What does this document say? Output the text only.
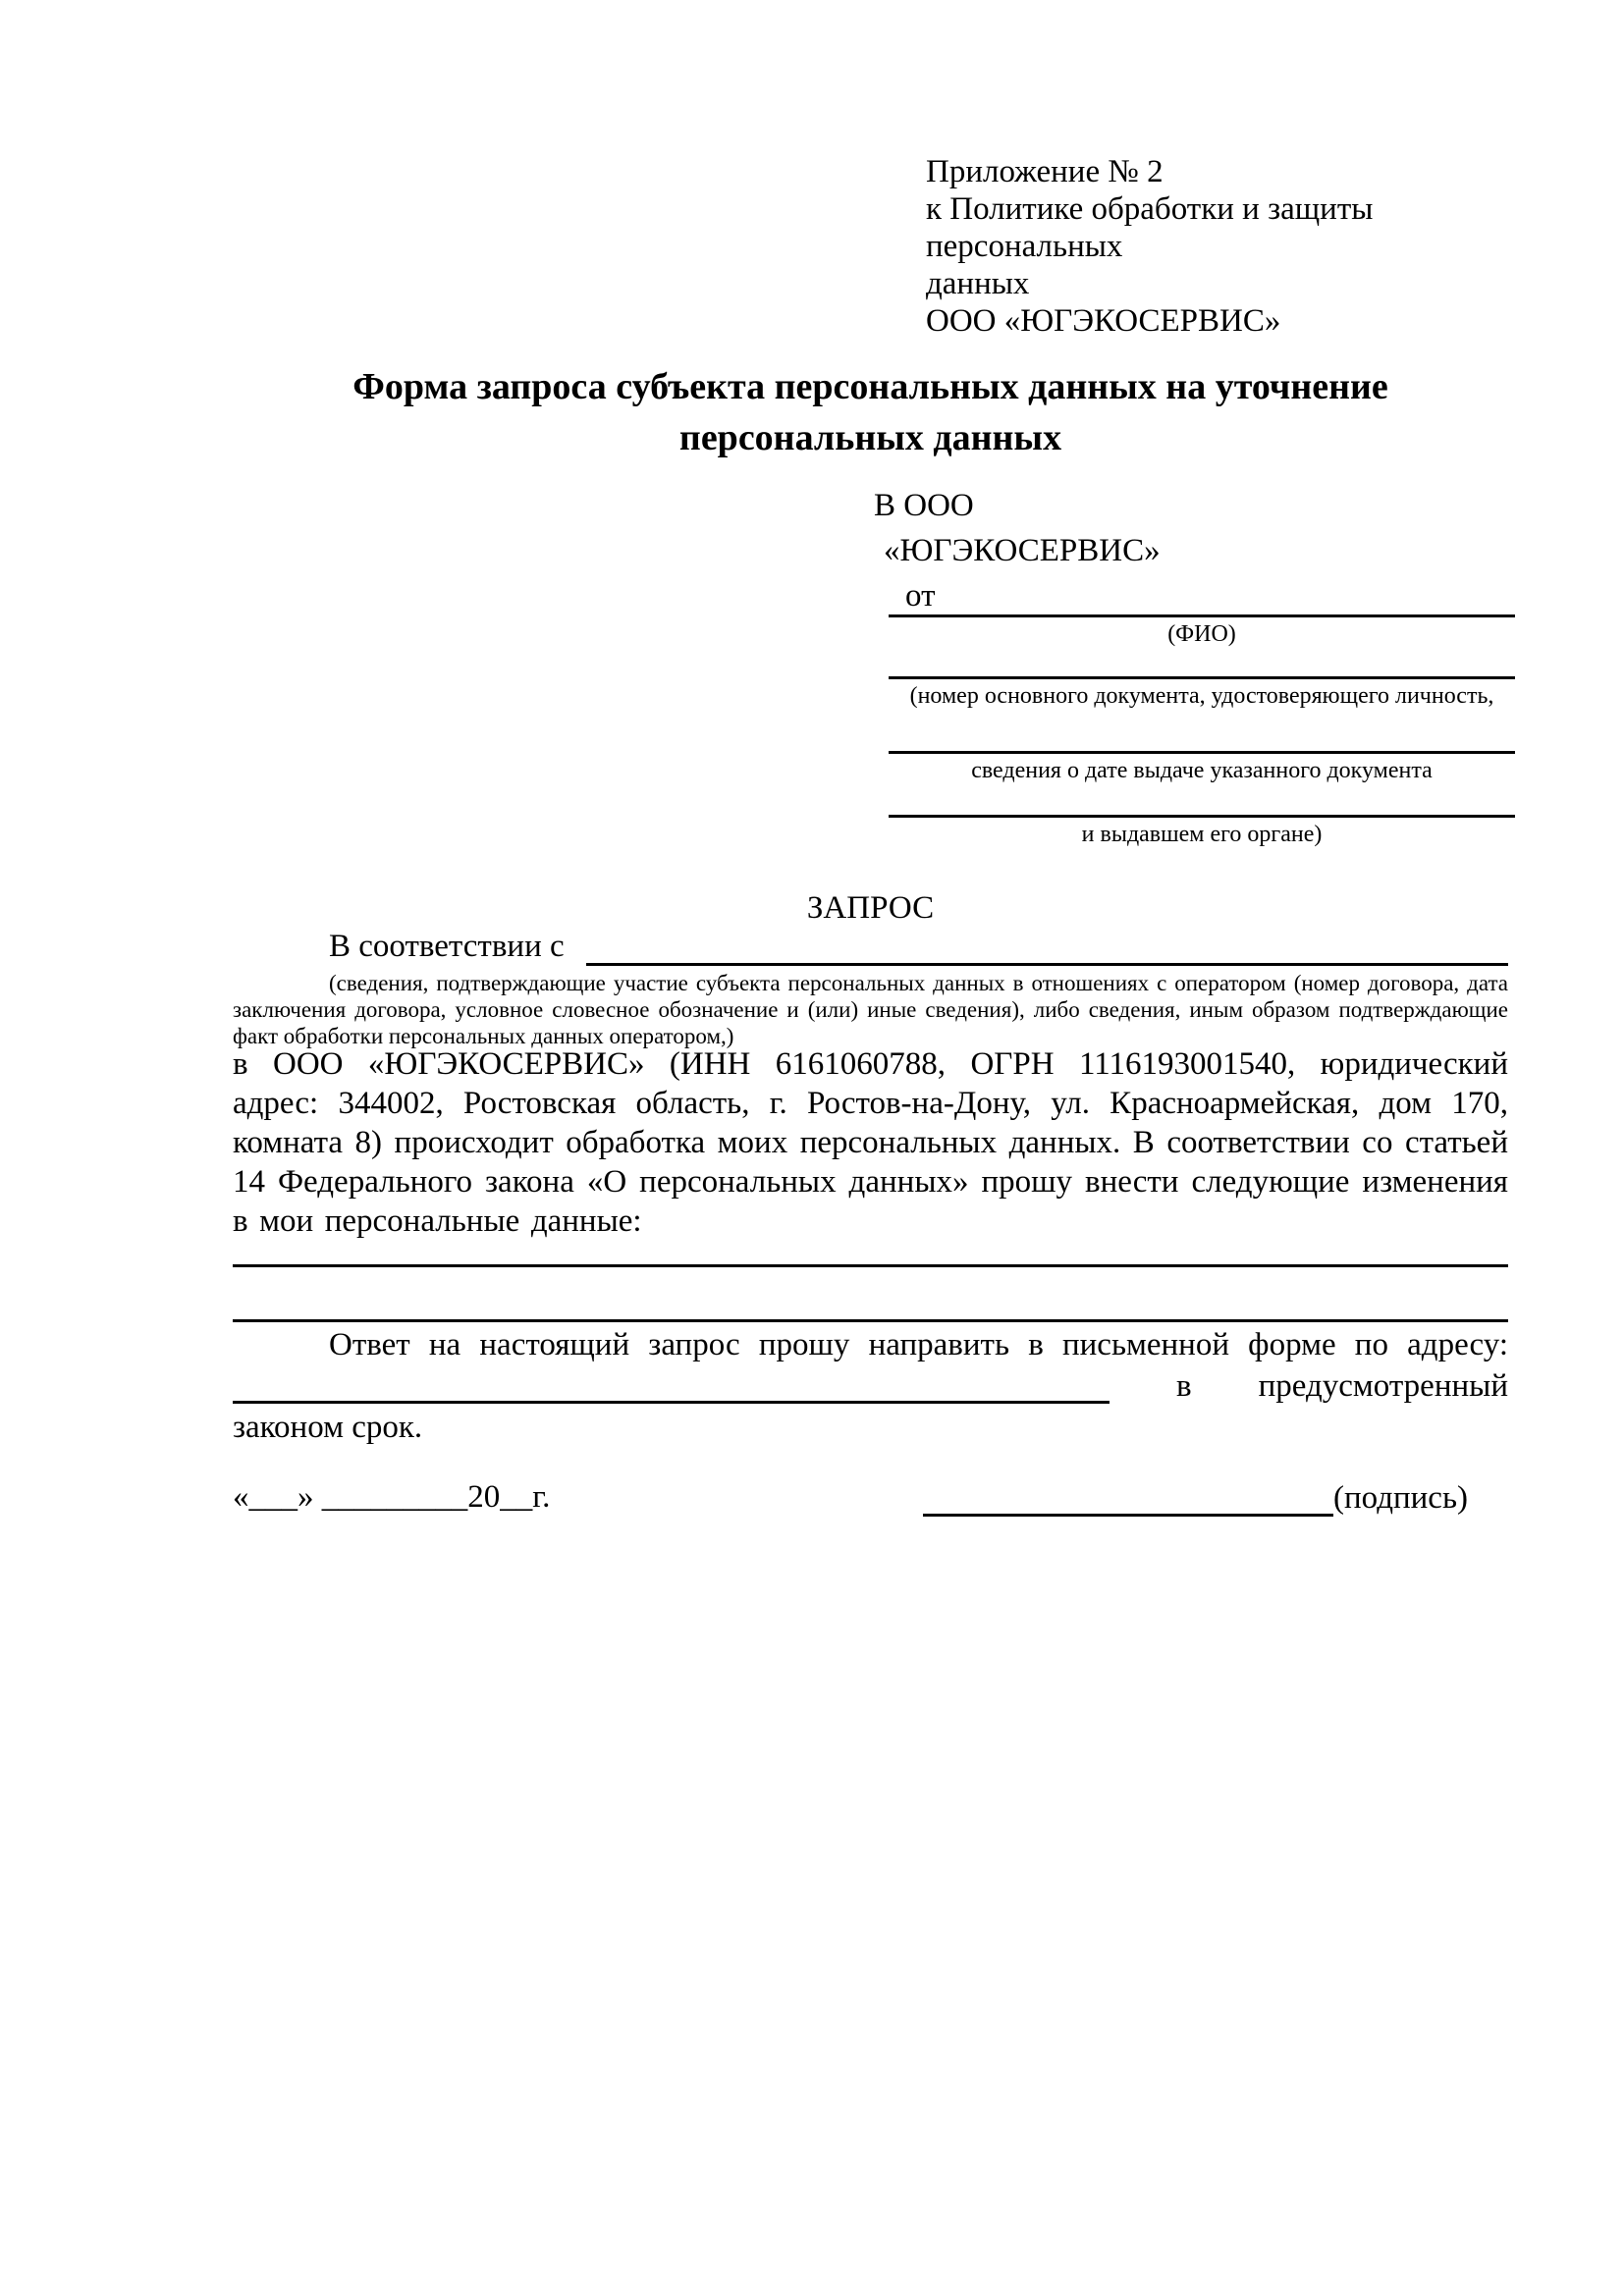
Приложение № 2
к Политике обработки и защиты персональных
данных
ООО «ЮГЭКОСЕРВИС»
Форма запроса субъекта персональных данных на уточнение
персональных данных
В ООО
«ЮГЭКОСЕРВИС»
от
(ФИО)
(номер основного документа, удостоверяющего личность,
сведения о дате выдаче указанного документа
и выдавшем его органе)
ЗАПРОС
В соответствии с
(сведения, подтверждающие участие субъекта персональных данных в отношениях с оператором (номер договора, дата заключения договора, условное словесное обозначение и (или) иные сведения), либо сведения, иным образом подтверждающие факт обработки персональных данных оператором,)
в ООО «ЮГЭКОСЕРВИС» (ИНН 6161060788, ОГРН 1116193001540, юридический адрес: 344002, Ростовская область, г. Ростов-на-Дону, ул. Красноармейская, дом 170, комната 8) происходит обработка моих персональных данных. В соответствии со статьей 14 Федерального закона «О персональных данных» прошу внести следующие изменения в мои персональные данные:
Ответ на настоящий запрос прошу направить в письменной форме по адресу:
в предусмотренный
законом срок.
«___» _________20__г.	(подпись)
